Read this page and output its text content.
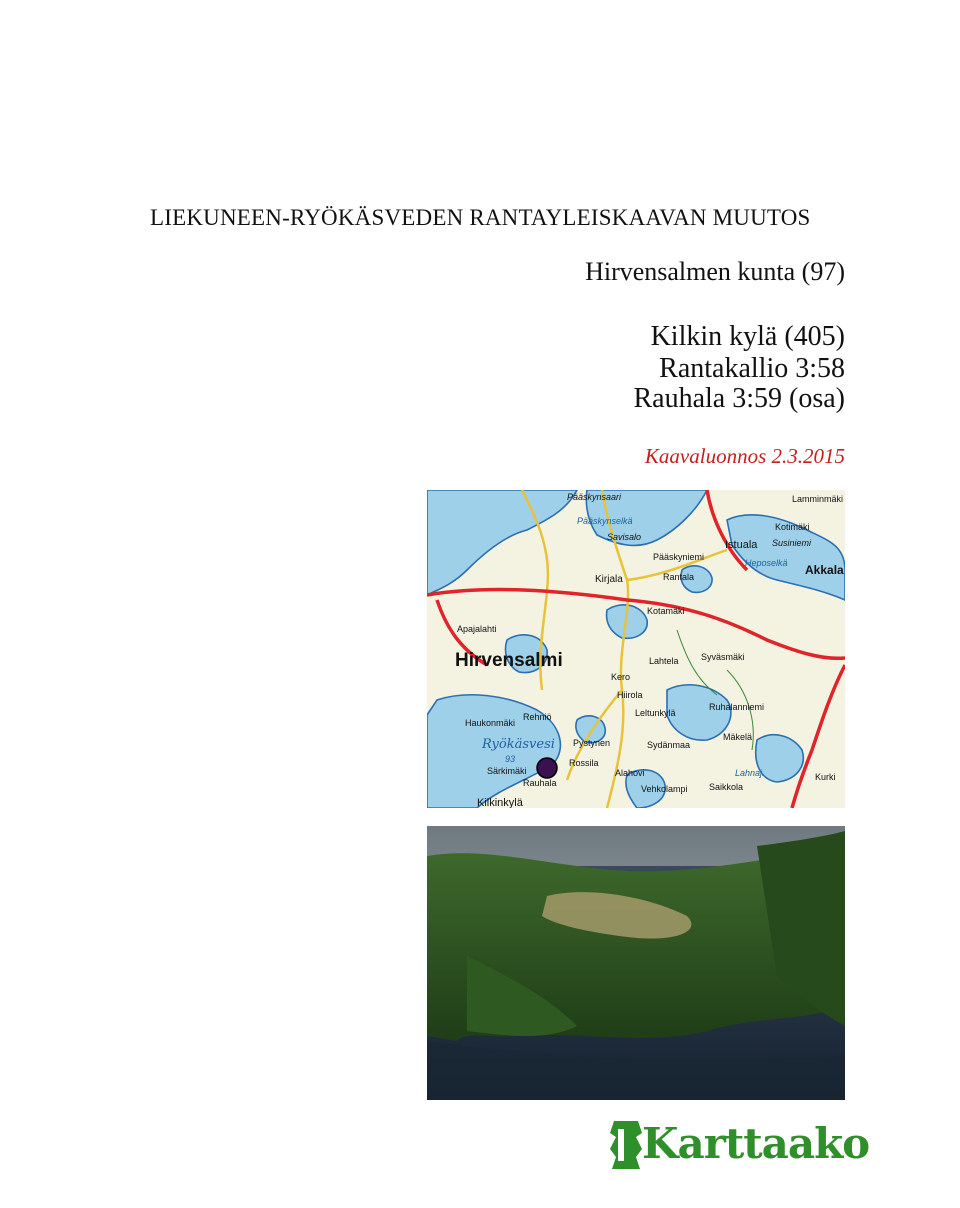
LIEKUNEEN-RYÖKÄSVEDEN RANTAYLEISKAAVAN MUUTOS
Hirvensalmen kunta (97)
Kilkin kylä (405)
Rantakallio 3:58
Rauhala 3:59 (osa)
Kaavaluonnos 2.3.2015
Pääskynsaari
Pääskynselkä
Savisalo
Kirjala
Pääskyniemi
Rantala
Lamminmäki
Kotimäki
Istuala Susiniemi
Heposelkä Akkala
Apajalahti
Kotamäki
Hirvensalmi
Kero
Lahtela Syväsmäki
Hiirola
Haukonmäki
Rehniö	Leltunkylä
Ruhalanniemi
Ryökäsvesi Pystynen	Sydänmaa
Mäkelä
93
Särkimäki
Rossila
Rauhala
Alahovi	Lahnaj.	Kurki
Vehkolampi Saikkola
Kilkinkylä
Karttaako
